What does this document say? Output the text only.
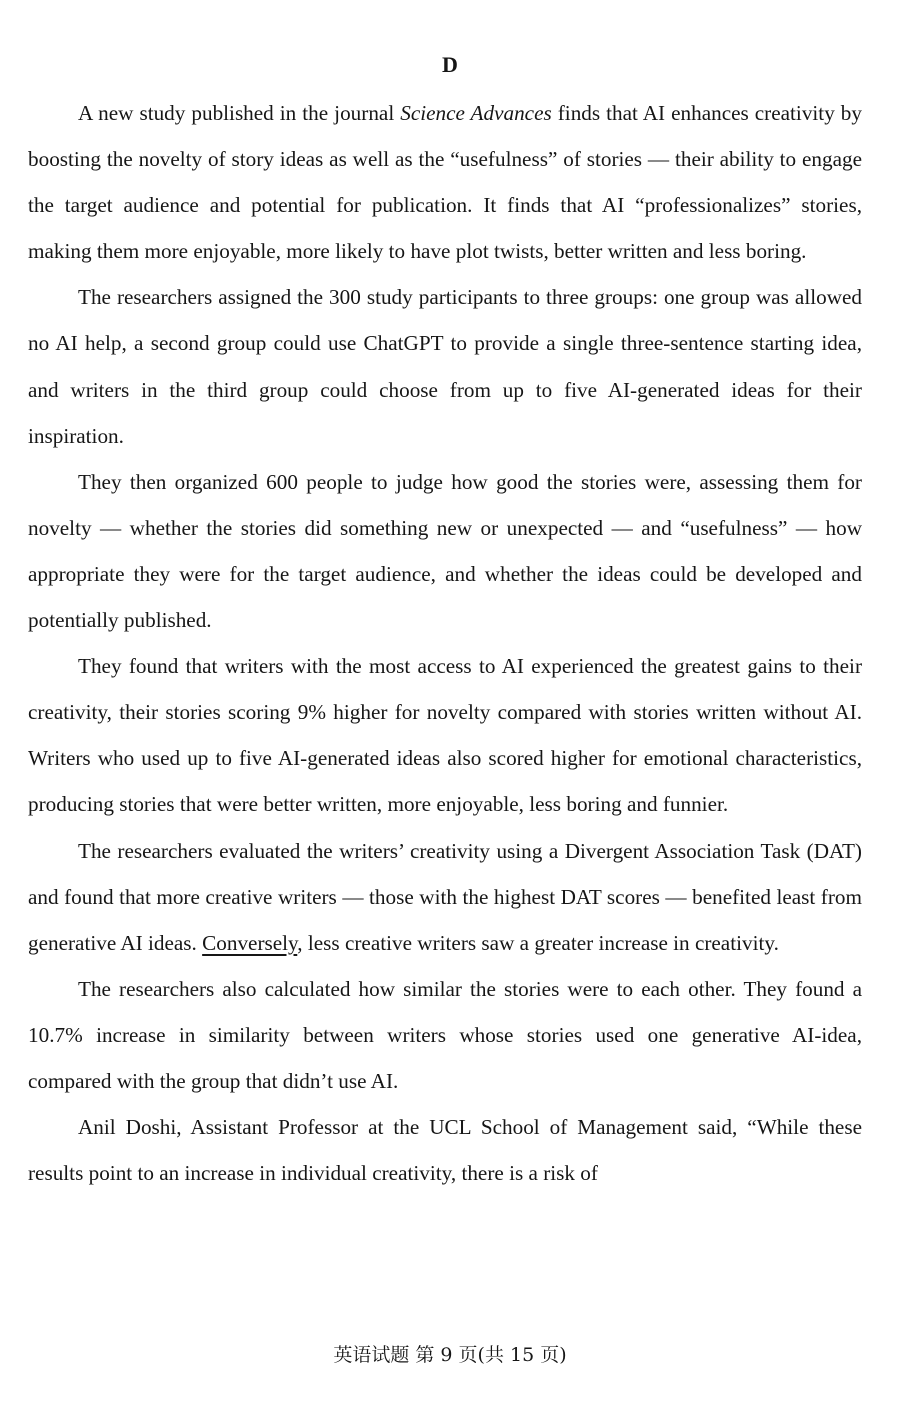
D

A new study published in the journal Science Advances finds that AI enhances creativity by boosting the novelty of story ideas as well as the “usefulness” of stories — their ability to engage the target audience and potential for publication. It finds that AI “professionalizes” stories, making them more enjoyable, more likely to have plot twists, better written and less boring.

The researchers assigned the 300 study participants to three groups: one group was allowed no AI help, a second group could use ChatGPT to provide a single three-sentence starting idea, and writers in the third group could choose from up to five AI-generated ideas for their inspiration.

They then organized 600 people to judge how good the stories were, assessing them for novelty — whether the stories did something new or unexpected — and “usefulness” — how appropriate they were for the target audience, and whether the ideas could be developed and potentially published.

They found that writers with the most access to AI experienced the greatest gains to their creativity, their stories scoring 9% higher for novelty compared with stories written without AI. Writers who used up to five AI-generated ideas also scored higher for emotional characteristics, producing stories that were better written, more enjoyable, less boring and funnier.

The researchers evaluated the writers’ creativity using a Divergent Association Task (DAT) and found that more creative writers — those with the highest DAT scores — benefited least from generative AI ideas. Conversely, less creative writers saw a greater increase in creativity.

The researchers also calculated how similar the stories were to each other. They found a 10.7% increase in similarity between writers whose stories used one generative AI-idea, compared with the group that didn’t use AI.

Anil Doshi, Assistant Professor at the UCL School of Management said, “While these results point to an increase in individual creativity, there is a risk of

英语试题 第 9 页(共 15 页)
